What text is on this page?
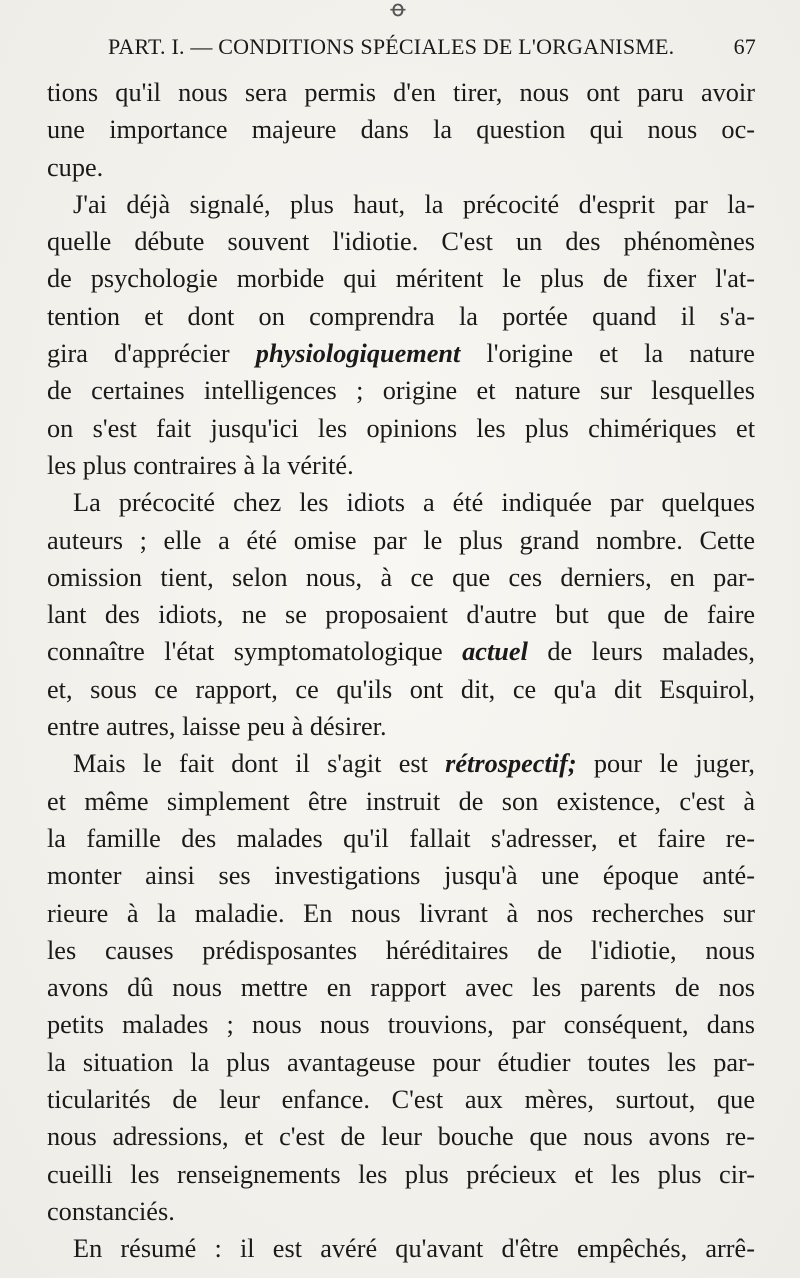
ꝋ
PART. I. — CONDITIONS SPÉCIALES DE L'ORGANISME.	67
tions qu'il nous sera permis d'en tirer, nous ont paru avoir
une importance majeure dans la question qui nous oc-
cupe.
J'ai déjà signalé, plus haut, la précocité d'esprit par la-
quelle débute souvent l'idiotie. C'est un des phénomènes
de psychologie morbide qui méritent le plus de fixer l'at-
tention et dont on comprendra la portée quand il s'a-
gira d'apprécier physiologiquement l'origine et la nature
de certaines intelligences ; origine et nature sur lesquelles
on s'est fait jusqu'ici les opinions les plus chimériques et
les plus contraires à la vérité.
La précocité chez les idiots a été indiquée par quelques
auteurs ; elle a été omise par le plus grand nombre. Cette
omission tient, selon nous, à ce que ces derniers, en par-
lant des idiots, ne se proposaient d'autre but que de faire
connaître l'état symptomatologique actuel de leurs malades,
et, sous ce rapport, ce qu'ils ont dit, ce qu'a dit Esquirol,
entre autres, laisse peu à désirer.
Mais le fait dont il s'agit est rétrospectif; pour le juger,
et même simplement être instruit de son existence, c'est à
la famille des malades qu'il fallait s'adresser, et faire re-
monter ainsi ses investigations jusqu'à une époque anté-
rieure à la maladie. En nous livrant à nos recherches sur
les causes prédisposantes héréditaires de l'idiotie, nous
avons dû nous mettre en rapport avec les parents de nos
petits malades ; nous nous trouvions, par conséquent, dans
la situation la plus avantageuse pour étudier toutes les par-
ticularités de leur enfance. C'est aux mères, surtout, que
nous adressions, et c'est de leur bouche que nous avons re-
cueilli les renseignements les plus précieux et les plus cir-
constanciés.
En résumé : il est avéré qu'avant d'être empêchés, arrê-
